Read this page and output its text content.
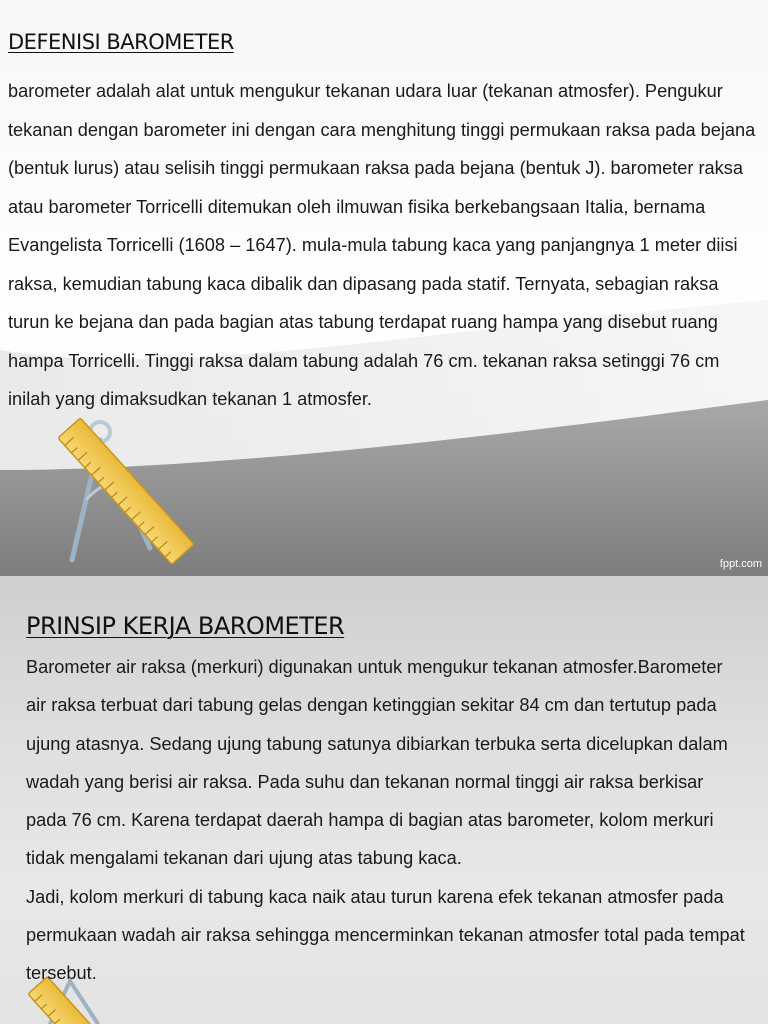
DEFENISI BAROMETER

barometer adalah alat untuk mengukur tekanan udara luar (tekanan atmosfer). Pengukur tekanan dengan barometer ini dengan cara menghitung tinggi permukaan raksa pada bejana (bentuk lurus) atau selisih tinggi permukaan raksa pada bejana (bentuk J). barometer raksa atau barometer Torricelli ditemukan oleh ilmuwan fisika berkebangsaan Italia, bernama Evangelista Torricelli (1608 – 1647). mula-mula tabung kaca yang panjangnya 1 meter diisi raksa, kemudian tabung kaca dibalik dan dipasang pada statif. Ternyata, sebagian raksa turun ke bejana dan pada bagian atas tabung terdapat ruang hampa yang disebut ruang hampa Torricelli. Tinggi raksa dalam tabung adalah 76 cm. tekanan raksa setinggi 76 cm inilah yang dimaksudkan tekanan 1 atmosfer.

fppt.com
PRINSIP KERJA BAROMETER
Barometer air raksa (merkuri) digunakan untuk mengukur tekanan atmosfer.Barometer air raksa terbuat dari tabung gelas dengan ketinggian sekitar 84 cm dan tertutup pada ujung atasnya. Sedang ujung tabung satunya dibiarkan terbuka serta dicelupkan dalam wadah yang berisi air raksa. Pada suhu dan tekanan normal tinggi air raksa berkisar pada 76 cm. Karena terdapat daerah hampa di bagian atas barometer, kolom merkuri tidak mengalami tekanan dari ujung atas tabung kaca.
Jadi, kolom merkuri di tabung kaca naik atau turun karena efek tekanan atmosfer pada permukaan wadah air raksa sehingga mencerminkan tekanan atmosfer total pada tempat tersebut.
